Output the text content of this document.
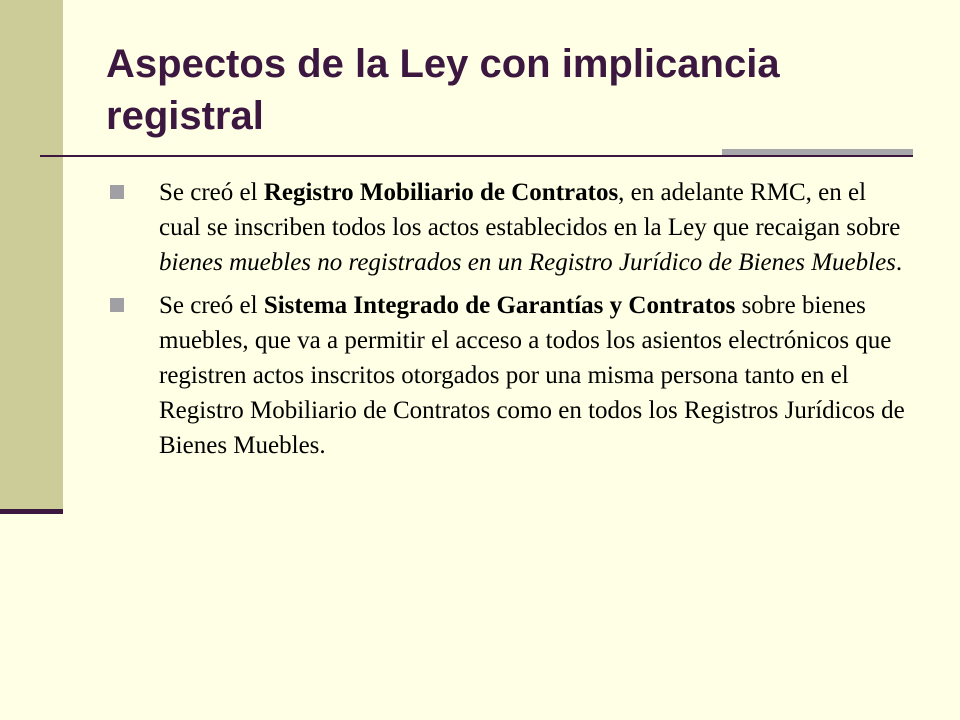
Aspectos de la Ley con implicancia registral
Se creó el Registro Mobiliario de Contratos, en adelante RMC, en el cual se inscriben todos los actos establecidos en la Ley que recaigan sobre bienes muebles no registrados en un Registro Jurídico de Bienes Muebles.
Se creó el Sistema Integrado de Garantías y Contratos sobre bienes muebles, que va a permitir el acceso a todos los asientos electrónicos que registren actos inscritos otorgados por una misma persona tanto en el Registro Mobiliario de Contratos como en todos los Registros Jurídicos de Bienes Muebles.
